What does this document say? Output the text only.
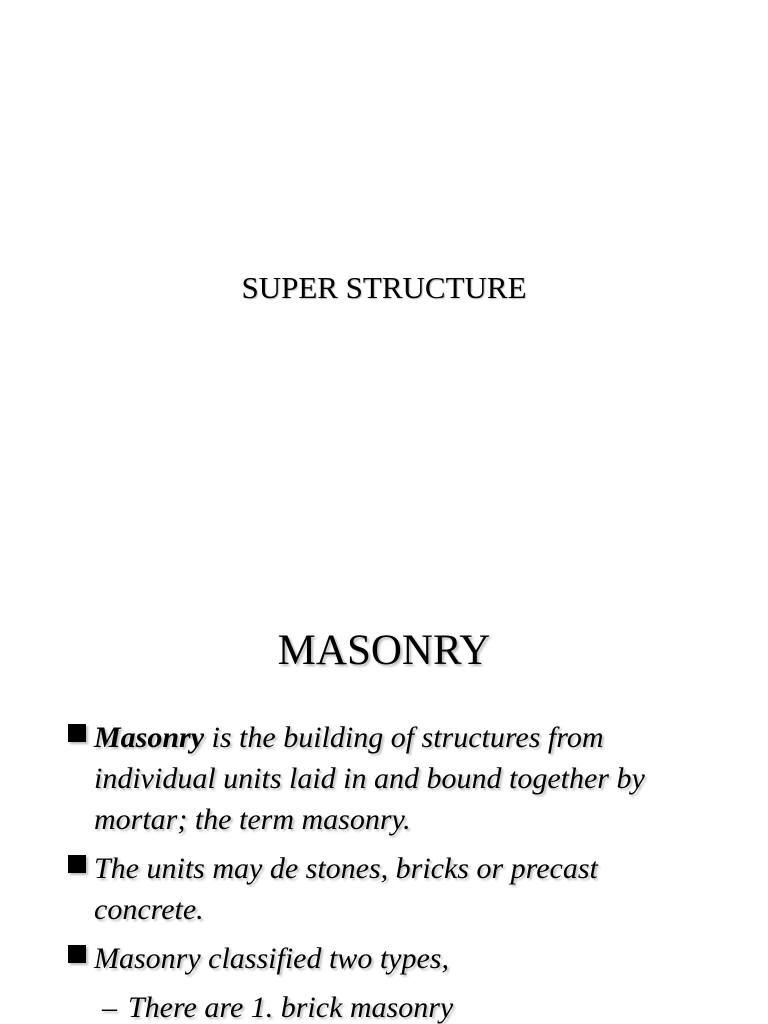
SUPER STRUCTURE
MASONRY
Masonry is the building of structures from individual units laid in and bound together by mortar; the term masonry.
The units may de stones, bricks or precast concrete.
Masonry classified two types,
– There are 1. brick masonry
